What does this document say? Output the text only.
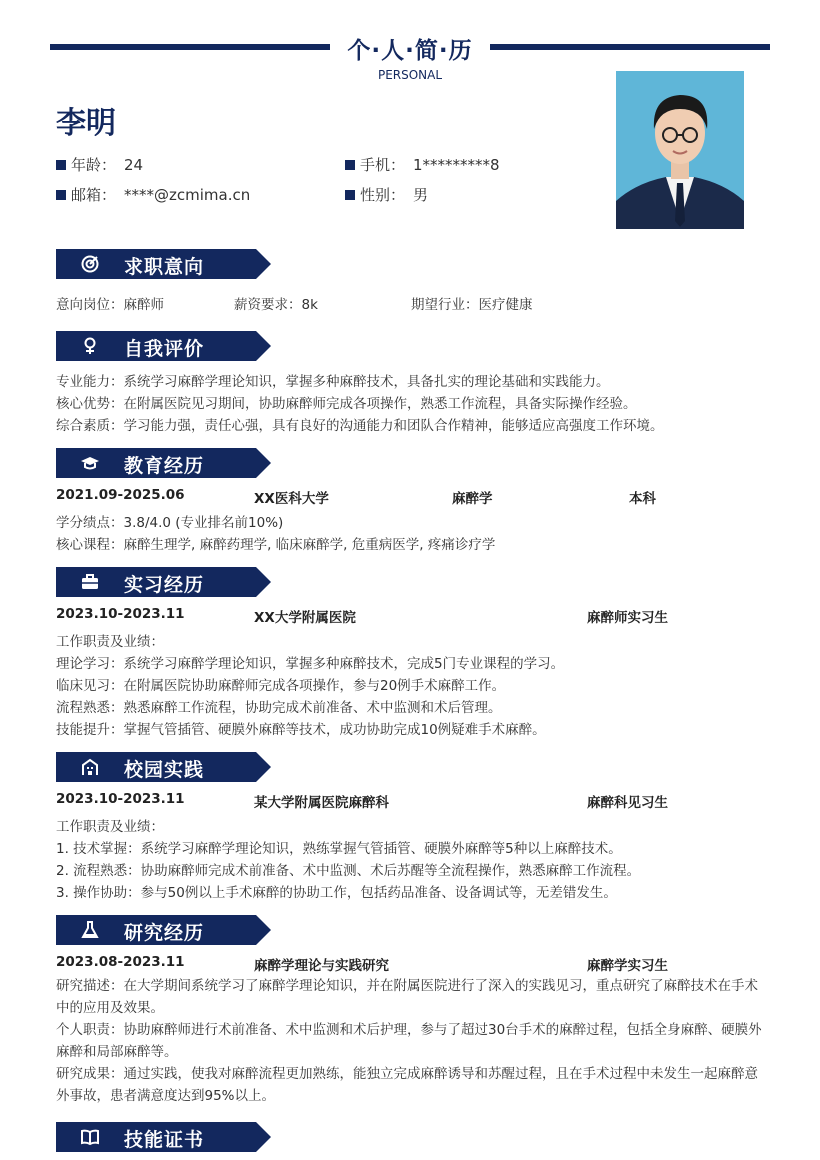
个·人·简·历
PERSONAL
李明
年龄： 24	手机： 1*********8
邮箱： ****@zcmima.cn	性别： 男
求职意向
意向岗位：麻醉师	薪资要求：8k	期望行业：医疗健康
自我评价
专业能力：系统学习麻醉学理论知识，掌握多种麻醉技术，具备扎实的理论基础和实践能力。
核心优势：在附属医院见习期间，协助麻醉师完成各项操作，熟悉工作流程，具备实际操作经验。
综合素质：学习能力强，责任心强，具有良好的沟通能力和团队合作精神，能够适应高强度工作环境。
教育经历
2021.09-2025.06	XX医科大学	麻醉学	本科
学分绩点：3.8/4.0 (专业排名前10%)
核心课程：麻醉生理学, 麻醉药理学, 临床麻醉学, 危重病医学, 疼痛诊疗学
实习经历
2023.10-2023.11	XX大学附属医院	麻醉师实习生
工作职责及业绩：
理论学习：系统学习麻醉学理论知识，掌握多种麻醉技术，完成5门专业课程的学习。
临床见习：在附属医院协助麻醉师完成各项操作，参与20例手术麻醉工作。
流程熟悉：熟悉麻醉工作流程，协助完成术前准备、术中监测和术后管理。
技能提升：掌握气管插管、硬膜外麻醉等技术，成功协助完成10例疑难手术麻醉。
校园实践
2023.10-2023.11	某大学附属医院麻醉科	麻醉科见习生
工作职责及业绩：
1. 技术掌握：系统学习麻醉学理论知识，熟练掌握气管插管、硬膜外麻醉等5种以上麻醉技术。
2. 流程熟悉：协助麻醉师完成术前准备、术中监测、术后苏醒等全流程操作，熟悉麻醉工作流程。
3. 操作协助：参与50例以上手术麻醉的协助工作，包括药品准备、设备调试等，无差错发生。
研究经历
2023.08-2023.11	麻醉学理论与实践研究	麻醉学实习生
研究描述：在大学期间系统学习了麻醉学理论知识，并在附属医院进行了深入的实践见习，重点研究了麻醉技术在手术中的应用及效果。
个人职责：协助麻醉师进行术前准备、术中监测和术后护理，参与了超过30台手术的麻醉过程，包括全身麻醉、硬膜外麻醉和局部麻醉等。
研究成果：通过实践，使我对麻醉流程更加熟练，能独立完成麻醉诱导和苏醒过程，且在手术过程中未发生一起麻醉意外事故，患者满意度达到95%以上。
技能证书
